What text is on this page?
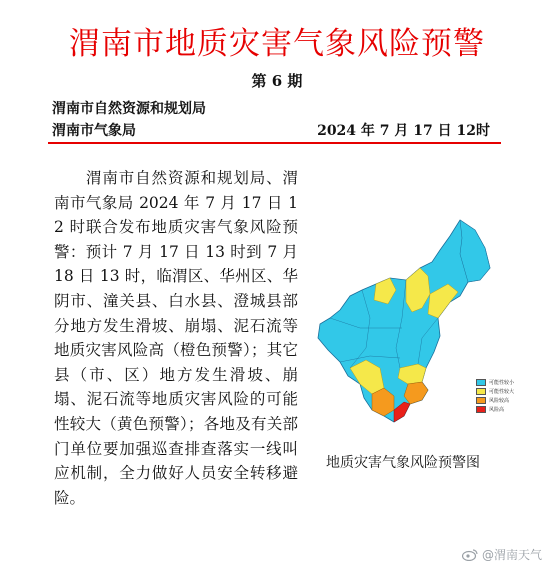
渭南市地质灾害气象风险预警
第 6 期
渭南市自然资源和规划局
渭南市气象局	2024 年 7 月 17 日 12时
渭南市自然资源和规划局、渭南市气象局 2024 年 7 月 17 日 12 时联合发布地质灾害气象风险预警：预计 7 月 17 日 13 时到 7 月 18 日 13 时，临渭区、华州区、华阴市、潼关县、白水县、澄城县部分地方发生滑坡、崩塌、泥石流等地质灾害风险高（橙色预警）；其它县（市、区）地方发生滑坡、崩塌、泥石流等地质灾害风险的可能性较大（黄色预警）；各地及有关部门单位要加强巡查排查落实一线叫应机制，全力做好人员安全转移避险。
可能性较小
可能性较大
风险较高
风险高
地质灾害气象风险预警图
@渭南天气
